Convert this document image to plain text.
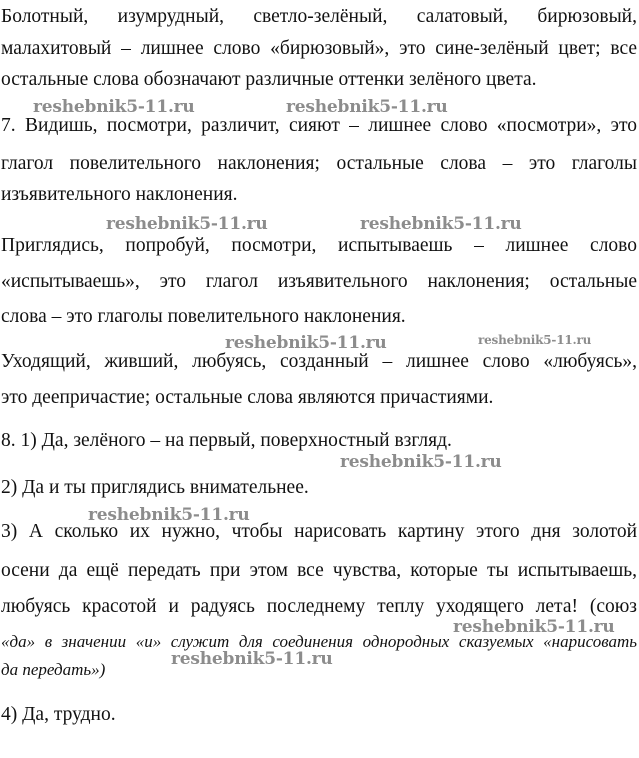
Болотный, изумрудный, светло-зелёный, салатовый, бирюзовый,
малахитовый – лишнее слово «бирюзовый», это сине-зелёный цвет; все
остальные слова обозначают различные оттенки зелёного цвета.
7. Видишь, посмотри, различит, сияют – лишнее слово «посмотри», это
глагол повелительного наклонения; остальные слова – это глаголы
изъявительного наклонения.
Приглядись, попробуй, посмотри, испытываешь – лишнее слово
«испытываешь», это глагол изъявительного наклонения; остальные
слова – это глаголы повелительного наклонения.
Уходящий, живший, любуясь, созданный – лишнее слово «любуясь»,
это деепричастие; остальные слова являются причастиями.
8. 1) Да, зелёного – на первый, поверхностный взгляд.
2) Да и ты приглядись внимательнее.
3) А сколько их нужно, чтобы нарисовать картину этого дня золотой
осени да ещё передать при этом все чувства, которые ты испытываешь,
любуясь красотой и радуясь последнему теплу уходящего лета! (союз
«да» в значении «и» служит для соединения однородных сказуемых «нарисовать
да передать»)
4) Да, трудно.
reshebnik5-11.ru	reshebnik5-11.ru
reshebnik5-11.ru	reshebnik5-11.ru
reshebnik5-11.ru	reshebnik5-11.ru
reshebnik5-11.ru
reshebnik5-11.ru
reshebnik5-11.ru
reshebnik5-11.ru
